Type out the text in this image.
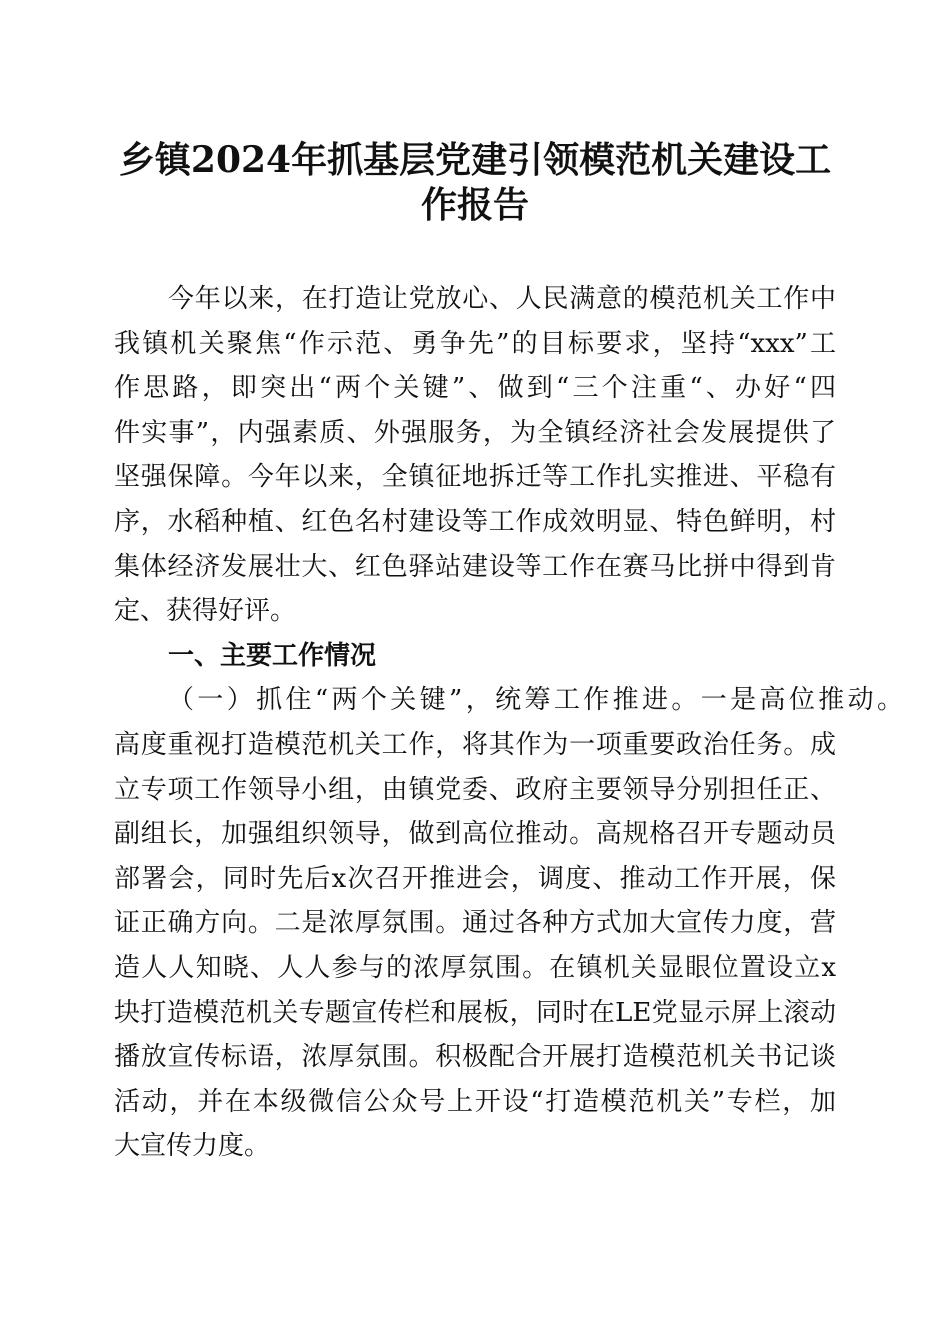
乡镇2024年抓基层党建引领模范机关建设工
作报告
今年以来，在打造让党放心、人民满意的模范机关工作中
我镇机关聚焦“作示范、勇争先”的目标要求，坚持“xxx”工
作思路，即突出“两个关键”、做到“三个注重“、办好“四
件实事”，内强素质、外强服务，为全镇经济社会发展提供了
坚强保障。今年以来，全镇征地拆迁等工作扎实推进、平稳有
序，水稻种植、红色名村建设等工作成效明显、特色鲜明，村
集体经济发展壮大、红色驿站建设等工作在赛马比拼中得到肯
定、获得好评。
一、主要工作情况
（一）抓住“两个关键”，统筹工作推进。一是高位推动。
高度重视打造模范机关工作，将其作为一项重要政治任务。成
立专项工作领导小组，由镇党委、政府主要领导分别担任正、
副组长，加强组织领导，做到高位推动。高规格召开专题动员
部署会，同时先后x次召开推进会，调度、推动工作开展，保
证正确方向。二是浓厚氛围。通过各种方式加大宣传力度，营
造人人知晓、人人参与的浓厚氛围。在镇机关显眼位置设立x
块打造模范机关专题宣传栏和展板，同时在LE党显示屏上滚动
播放宣传标语，浓厚氛围。积极配合开展打造模范机关书记谈
活动，并在本级微信公众号上开设“打造模范机关”专栏，加
大宣传力度。
